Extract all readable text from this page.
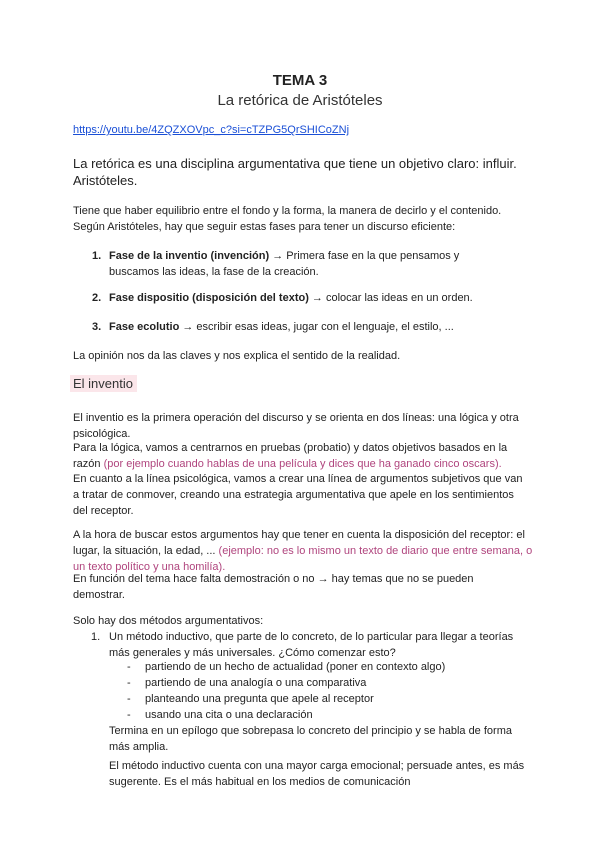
TEMA 3
La retórica de Aristóteles
https://youtu.be/4ZQZXOVpc_c?si=cTZPG5QrSHICoZNj
La retórica es una disciplina argumentativa que tiene un objetivo claro: influir. Aristóteles.
Tiene que haber equilibrio entre el fondo y la forma, la manera de decirlo y el contenido. Según Aristóteles, hay que seguir estas fases para tener un discurso eficiente:
1. Fase de la inventio (invención) → Primera fase en la que pensamos y buscamos las ideas, la fase de la creación.
2. Fase dispositio (disposición del texto) → colocar las ideas en un orden.
3. Fase ecolutio → escribir esas ideas, jugar con el lenguaje, el estilo, ...
La opinión nos da las claves y nos explica el sentido de la realidad.
El inventio
El inventio es la primera operación del discurso y se orienta en dos líneas: una lógica y otra psicológica.
Para la lógica, vamos a centrarnos en pruebas (probatio) y datos objetivos basados en la razón (por ejemplo cuando hablas de una película y dices que ha ganado cinco oscars).
En cuanto a la línea psicológica, vamos a crear una línea de argumentos subjetivos que van a tratar de conmover, creando una estrategia argumentativa que apele en los sentimientos del receptor.
A la hora de buscar estos argumentos hay que tener en cuenta la disposición del receptor: el lugar, la situación, la edad, ... (ejemplo: no es lo mismo un texto de diario que entre semana, o un texto político y una homilía).
En función del tema hace falta demostración o no → hay temas que no se pueden demostrar.
Solo hay dos métodos argumentativos:
1. Un método inductivo, que parte de lo concreto, de lo particular para llegar a teorías más generales y más universales. ¿Cómo comenzar esto?
- partiendo de un hecho de actualidad (poner en contexto algo)
- partiendo de una analogía o una comparativa
- planteando una pregunta que apele al receptor
- usando una cita o una declaración
Termina en un epílogo que sobrepasa lo concreto del principio y se habla de forma más amplia.
El método inductivo cuenta con una mayor carga emocional; persuade antes, es más sugerente. Es el más habitual en los medios de comunicación
